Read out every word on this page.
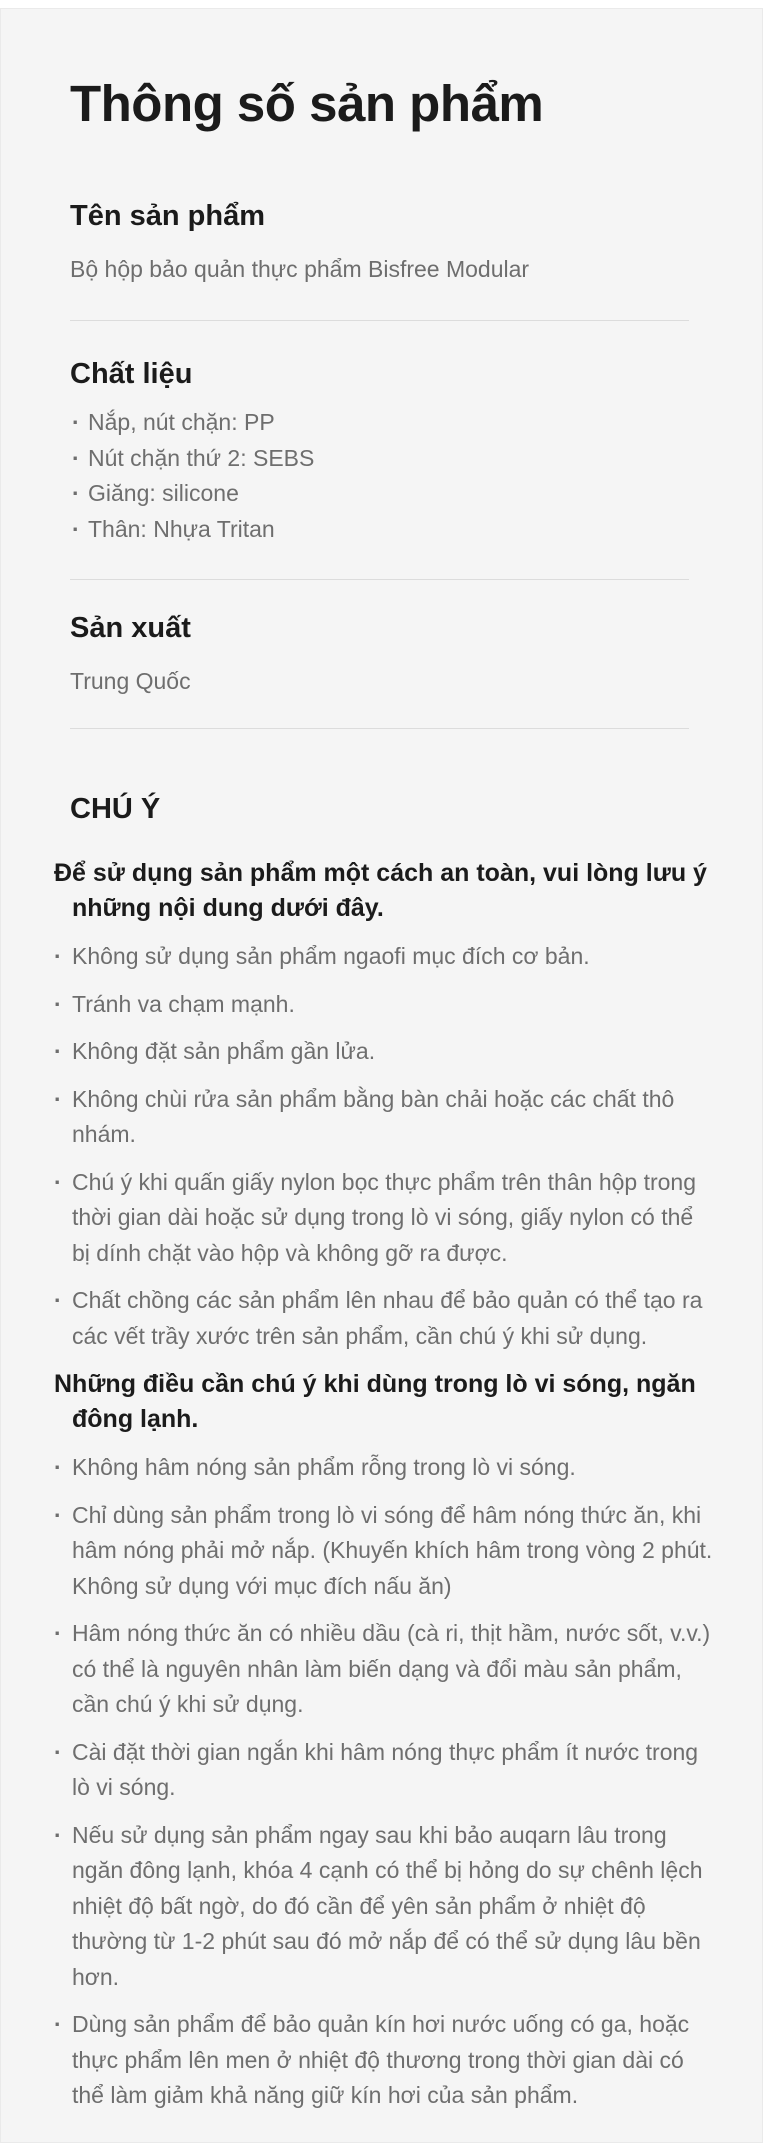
Thông số sản phẩm
Tên sản phẩm
Bộ hộp bảo quản thực phẩm Bisfree Modular
Chất liệu
· Nắp, nút chặn: PP
· Nút chặn thứ 2: SEBS
· Giăng: silicone
· Thân: Nhựa Tritan
Sản xuất
Trung Quốc
CHÚ Ý
Để sử dụng sản phẩm một cách an toàn, vui lòng lưu ý những nội dung dưới đây.
· Không sử dụng sản phẩm ngaofi mục đích cơ bản.
· Tránh va chạm mạnh.
· Không đặt sản phẩm gần lửa.
· Không chùi rửa sản phẩm bằng bàn chải hoặc các chất thô nhám.
· Chú ý khi quấn giấy nylon bọc thực phẩm trên thân hộp trong thời gian dài hoặc sử dụng trong lò vi sóng, giấy nylon có thể bị dính chặt vào hộp và không gỡ ra được.
· Chất chồng các sản phẩm lên nhau để bảo quản có thể tạo ra các vết trầy xước trên sản phẩm, cần chú ý khi sử dụng.
Những điều cần chú ý khi dùng trong lò vi sóng, ngăn đông lạnh.
· Không hâm nóng sản phẩm rỗng trong lò vi sóng.
· Chỉ dùng sản phẩm trong lò vi sóng để hâm nóng thức ăn, khi hâm nóng phải mở nắp. (Khuyến khích hâm trong vòng 2 phút. Không sử dụng với mục đích nấu ăn)
· Hâm nóng thức ăn có nhiều dầu (cà ri, thịt hầm, nước sốt, v.v.) có thể là nguyên nhân làm biến dạng và đổi màu sản phẩm, cần chú ý khi sử dụng.
· Cài đặt thời gian ngắn khi hâm nóng thực phẩm ít nước trong lò vi sóng.
· Nếu sử dụng sản phẩm ngay sau khi bảo auqarn lâu trong ngăn đông lạnh, khóa 4 cạnh có thể bị hỏng do sự chênh lệch nhiệt độ bất ngờ, do đó cần để yên sản phẩm ở nhiệt độ thường từ 1-2 phút sau đó mở nắp để có thể sử dụng lâu bền hơn.
· Dùng sản phẩm để bảo quản kín hơi nước uống có ga, hoặc thực phẩm lên men ở nhiệt độ thương trong thời gian dài có thể làm giảm khả năng giữ kín hơi của sản phẩm.
